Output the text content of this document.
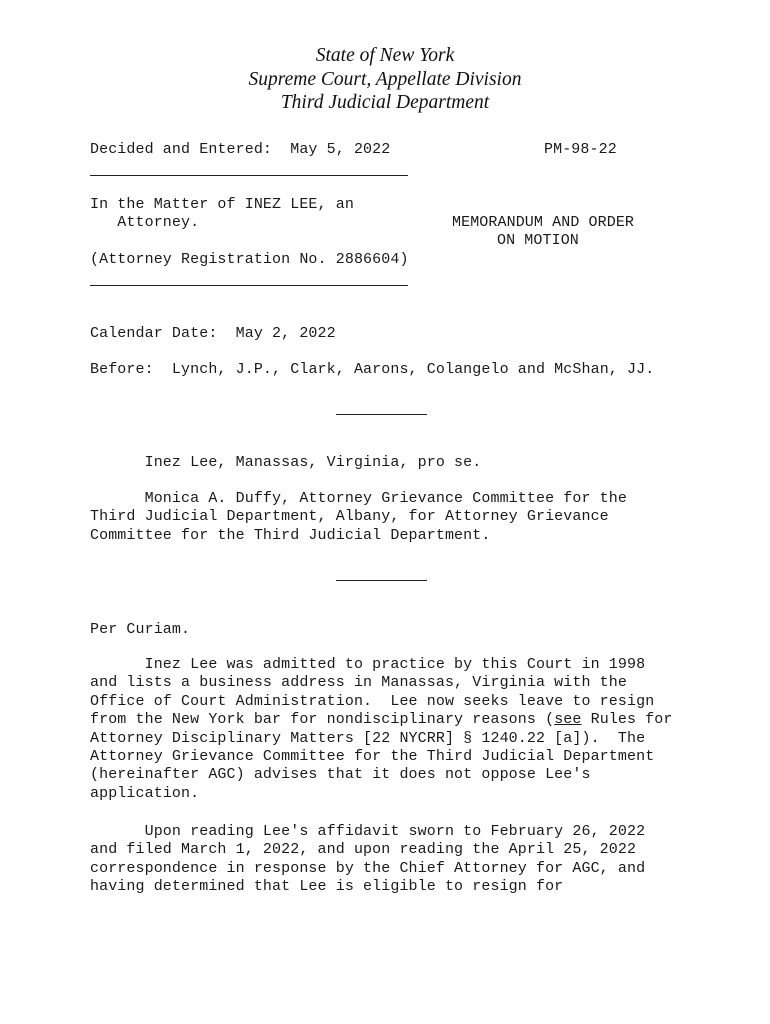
State of New York
Supreme Court, Appellate Division
Third Judicial Department
Decided and Entered: May 5, 2022	PM-98-22
In the Matter of INEZ LEE, an
Attorney.	MEMORANDUM AND ORDER
ON MOTION
(Attorney Registration No. 2886604)
Calendar Date: May 2, 2022
Before: Lynch, J.P., Clark, Aarons, Colangelo and McShan, JJ.
Inez Lee, Manassas, Virginia, pro se.
Monica A. Duffy, Attorney Grievance Committee for the
Third Judicial Department, Albany, for Attorney Grievance
Committee for the Third Judicial Department.
Per Curiam.
Inez Lee was admitted to practice by this Court in 1998
and lists a business address in Manassas, Virginia with the
Office of Court Administration.  Lee now seeks leave to resign
from the New York bar for nondisciplinary reasons (see Rules for
Attorney Disciplinary Matters [22 NYCRR] § 1240.22 [a]).  The
Attorney Grievance Committee for the Third Judicial Department
(hereinafter AGC) advises that it does not oppose Lee's
application.
Upon reading Lee's affidavit sworn to February 26, 2022
and filed March 1, 2022, and upon reading the April 25, 2022
correspondence in response by the Chief Attorney for AGC, and
having determined that Lee is eligible to resign for
